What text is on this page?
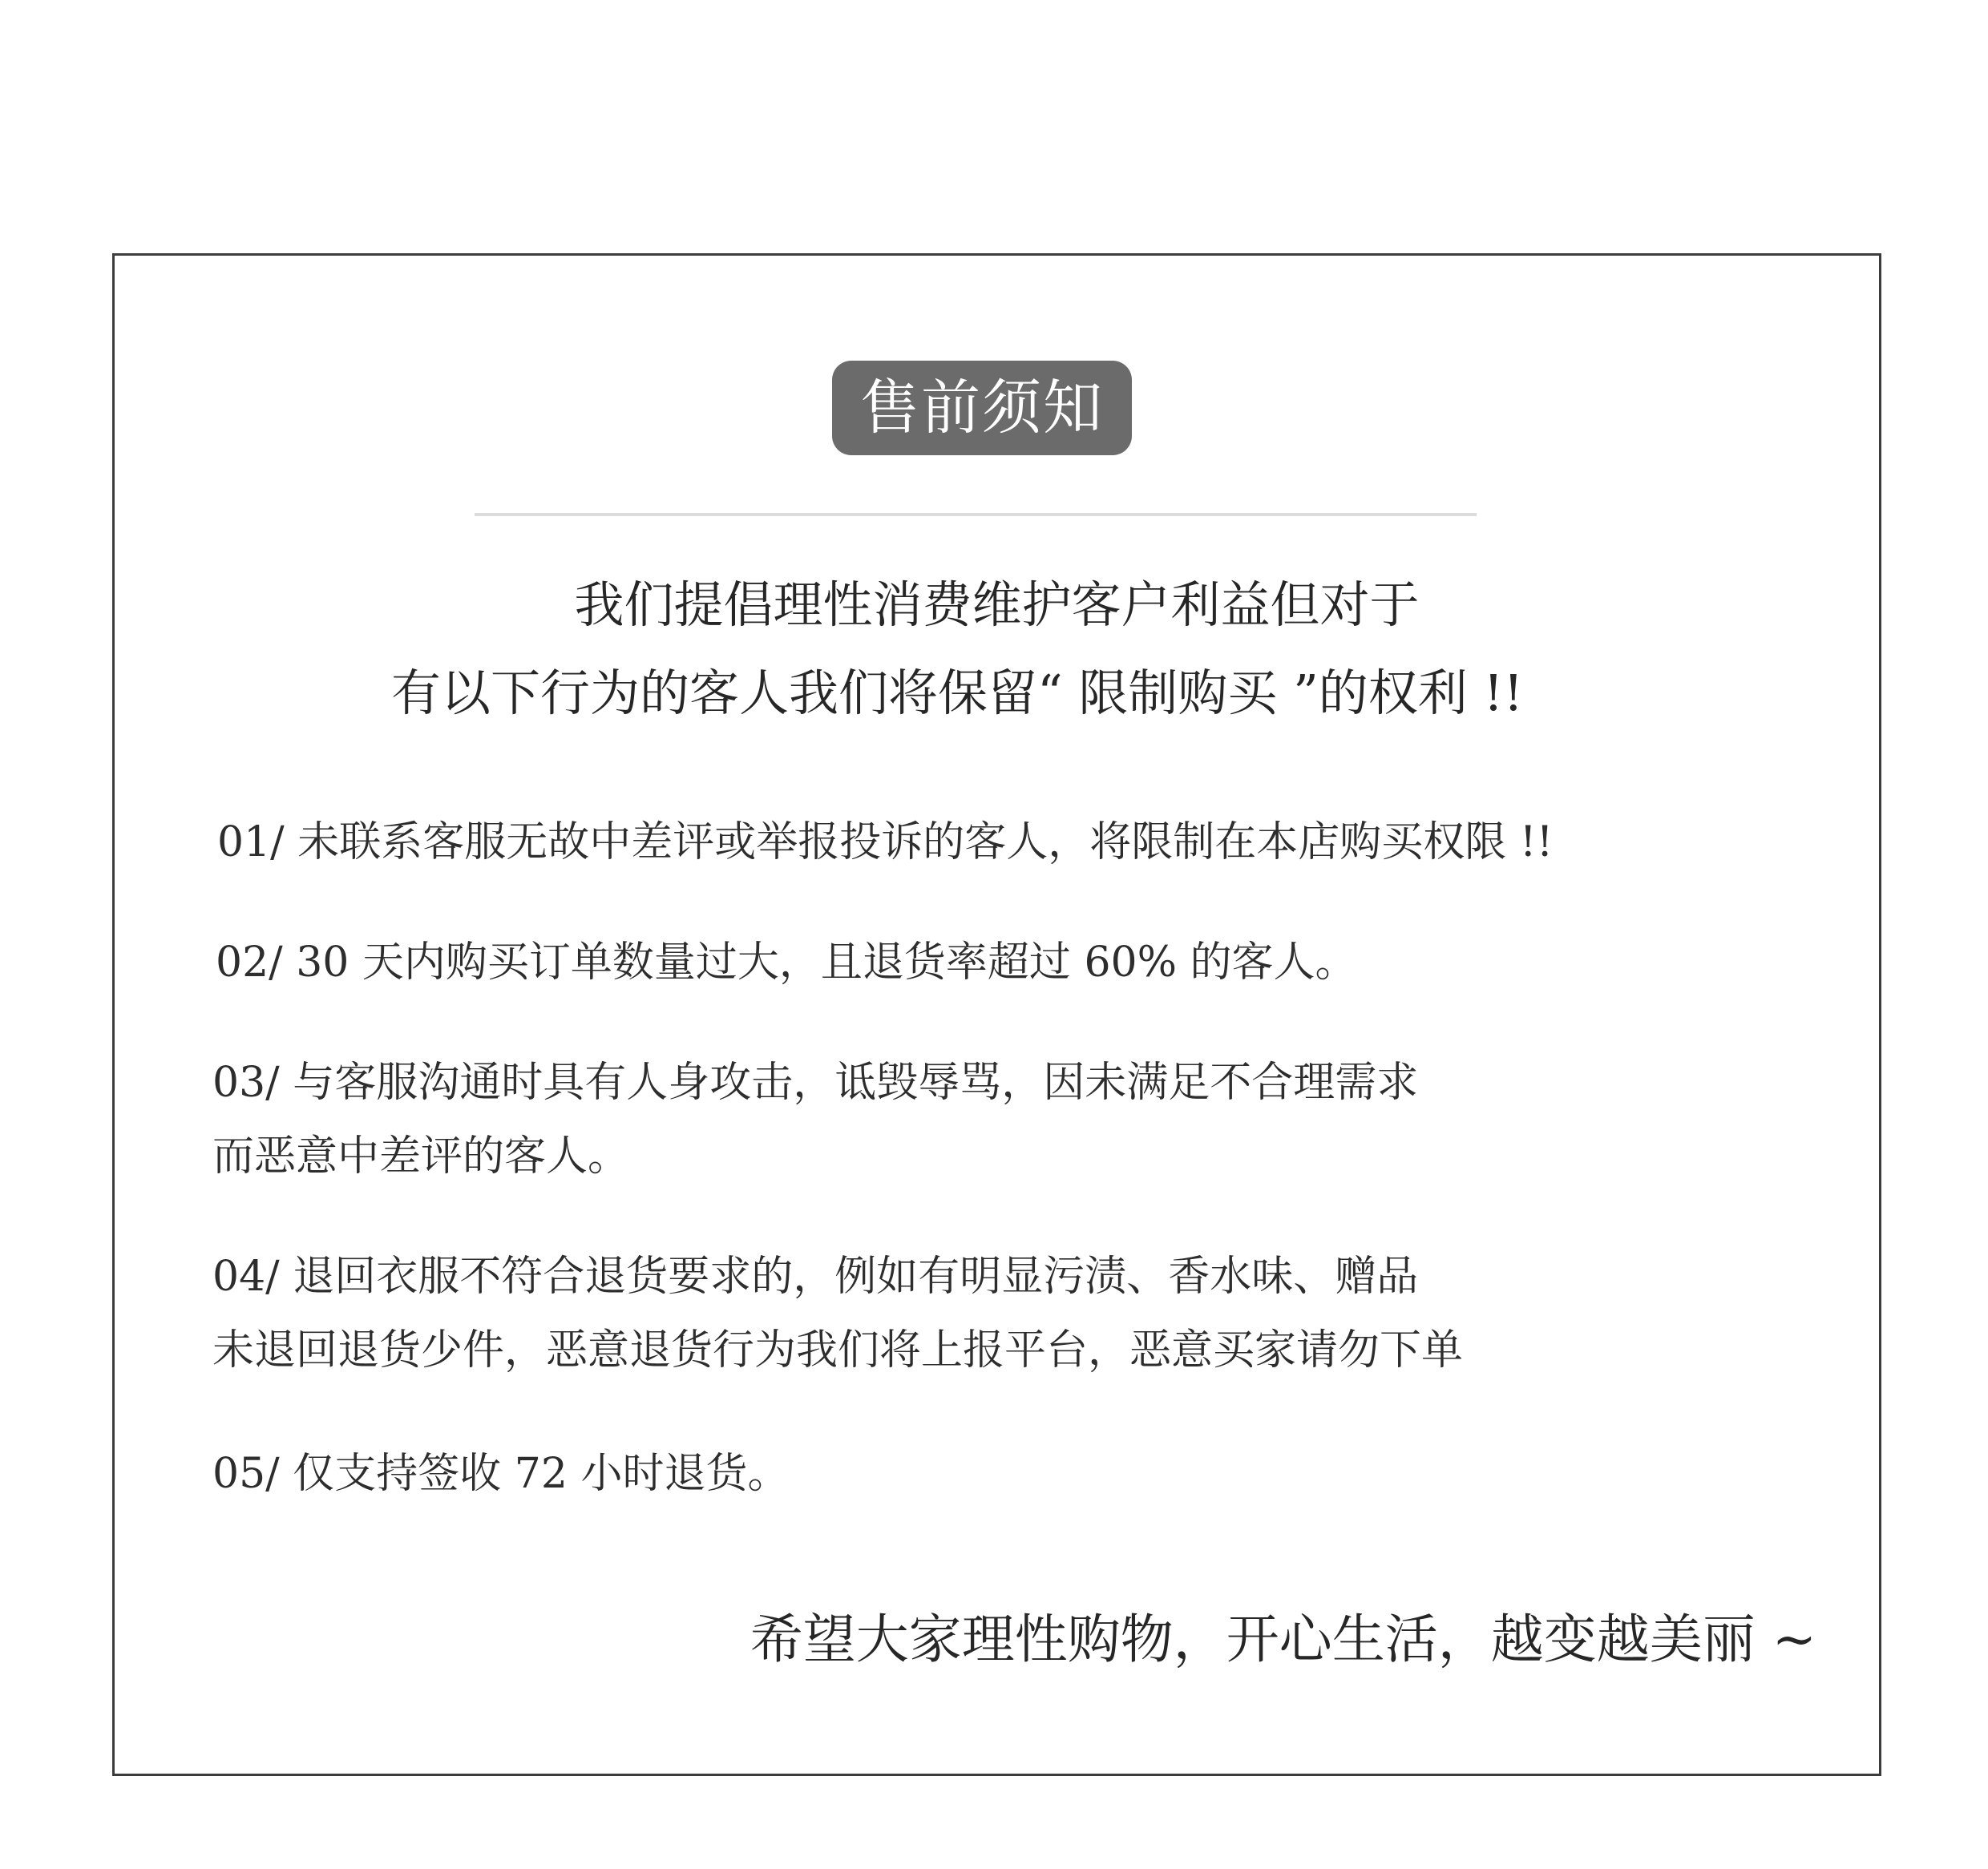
售前须知
我们提倡理性消费维护客户利益但对于
有以下行为的客人我们将保留“ 限制购买 ”的权利 !!
01/ 未联系客服无故中差评或举报投诉的客人，将限制在本店购买权限 !!
02/ 30 天内购买订单数量过大，且退货率超过 60% 的客人。
03/ 与客服沟通时具有人身攻击，诋毁辱骂，因未满足不合理需求
而恶意中差评的客人。
04/ 退回衣服不符合退货要求的，例如有明显污渍、香水味、赠品
未退回退货少件，恶意退货行为我们将上报平台，恶意买家请勿下单
05/ 仅支持签收 72 小时退货。
希望大家理性购物，开心生活，越变越美丽 ~
